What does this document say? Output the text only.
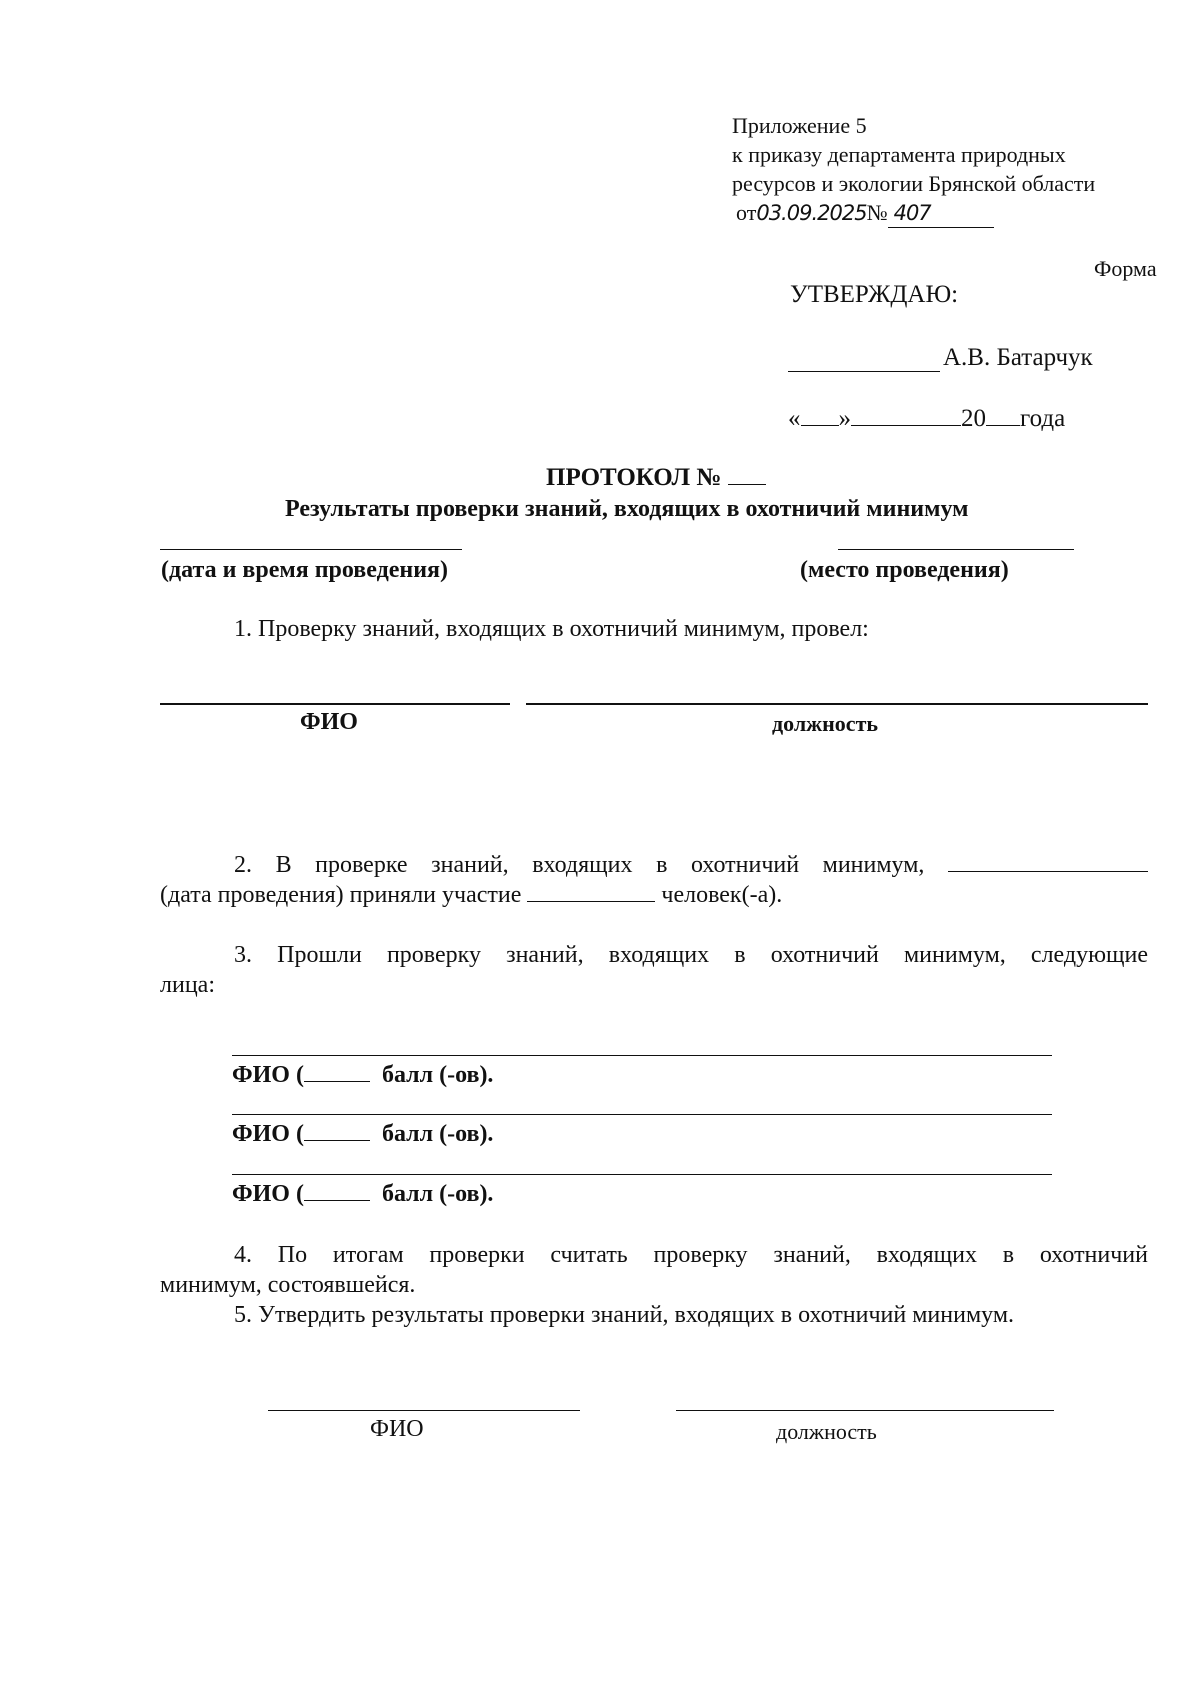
Приложение 5
к приказу департамента природных
ресурсов и экологии Брянской области
от03.09.2025№ 407
Форма
УТВЕРЖДАЮ:
А.В. Батарчук
« »	20 года
ПРОТОКОЛ №
Результаты проверки знаний, входящих в охотничий минимум
(дата и время проведения)	(место проведения)
1. Проверку знаний, входящих в охотничий минимум, провел:
ФИО	должность
2. В проверке знаний, входящих в охотничий минимум,
(дата проведения) приняли участие	человек(-а).
3. Прошли проверку знаний, входящих в охотничий минимум, следующие
лица:
ФИО (	балл (-ов).
ФИО (	балл (-ов).
ФИО (	балл (-ов).
4. По итогам проверки считать проверку знаний, входящих в охотничий
минимум, состоявшейся.
5. Утвердить результаты проверки знаний, входящих в охотничий минимум.
ФИО	должность
